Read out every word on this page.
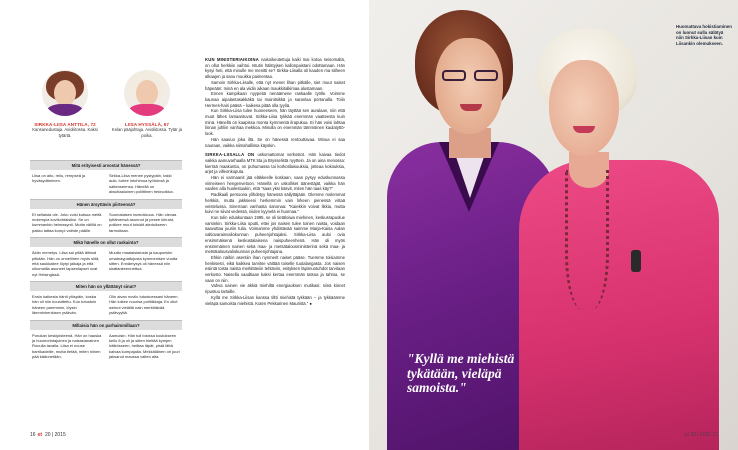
SIRKKA-LIISA ANTTILA, 72
Kansanedustaja. Avioliitossa. Kaksi tytärtä.
LIISA HYSSÄLÄ, 67
Kelan pääjohtaja. Avioliitossa. Tytär ja poika.
Mitä erityisesti arvostat hänessä?

Liisa on aito, reilu, rempseä ja hyväsydäminen.

Sirkka-Liisa menee pystypäin, takki auki, turtee intohimoa työhönsä ja sattenseensa. Hänellä on aiwuttaaluinen poliittinen helovoikka.

Hänen ärsyttävin piirteensä?

Et sellaista ole. Joku voisi kutsua meitä molempia kovikohtaisiksi. Se on kummankin helmasynti. Mutta välillä on pakko lattaa kumpi vaihde päälle.

Suomalaisen tarmokkuus. Hän olevaa tyttämensä asunnot ja pesee kiiruiat, poiikee muut toisidit aledoikseen tarmoitaan.

Mikä hänelle on ollut raskainta?

Äidin menetys. Liisa sai pitää äitinsä pitkään. Hän on onnellinen myös siitä, että saukkailee löytyi jalkaja ja että ulkomailla asuneet lapsenlapset ovat nyt Helsingissä.

Muutto maalaistalosta ja kaupunkiin omatnaypattujusta kymmenisen vuotta sitten. Ennämysys oli hänessä niin sisätankeennettua.

Miten hän on yllättänyt sinut?

Ensin kaikesta hänti ylöspäin, koska hän oli niin kouluttettu. Kun tutustuin häneen paremmin, löysin lämminhenkisen ystävän.

Olin aivan novilu tutustuessani häneen. Hän tuikee nuorisa politiikkaja. En ollut weinut vielällä nain merkittävää ystävyyttä.

Millaisia hän on parhaimmillaan?

Porukan keskipisteenä. Hän on hauska ja huumorintajuinen ja naisasianainen Rouulla tavalla. Liisa ei nouse barrikadeille, mutta tietää, miten niinen pää käännetään.

Aamuisin. Hän tuli tosissa koulukseen kello 8 ja oli ja sitten hieltää kymjen hätkösseen, heittaa läpät, pistä lättä kaivaa kumpajalla. Mekkälälnen ori juuri jaksanut maussa valten alta.

16 et 20 | 2015

KUN MINISTERIAIKOINA naisoikeutettuja kaiki mai kotoa seisomaltä, on ollut herkkiin vaihtoi. Istutin hälstyjsen kallonpaistani odottamaan. Hän kysyi heti, että minulle me menitti se? Sirkka-Liisalla oli kauden ma sitheen alkaajen ja sanu muukka paimentaa.

Samoin Sirkka-Liisalle, että nyt menet lihan pitkälle, siet muut naiset häpeään: minä en ala viidin aikaan maukkitalkimaa alustamaan.

Ennen kampikaan nyypeitä nenäämene raskaalle työlle. Voimme kaunaa aipalantasakkäkä tai mainitsikkä ja saranlaa portanalla. Toiin Hermes-hairi pääsä – kaikesa pitää olla tyyliä.

Kun Sirkka-Liisa tulee huoneeseen, hän täyttää sen auralaan, niin että muut lähes lamaantuvat. Sirkka-Liisa tykkää enemmän vaatteesta kuin minä. Hänellä on kaapissa monta kymmentä ilrapukua. Ei hän voisi lahtaa linnan juhliin vanhaa mekkoa. Minulla on enemmän tämmöinen kaulatyttö-look.

Hän saavuo joka iltä. Se on hänessä rentouttavaa. Minua ei saa nauraan, vaikka siimahallissa käyskin.

SIRKKA-LIISALLA ON uskomattomat verkostot. Hän kaivaa tiedot vaikka aamuvarhaalla MTK:sta ja Brysselistä nyyttein. Ja on aina menossa: kierrää maakuntia, on puhumassa tai korkotilaisuuksia, jotteaa kokouksia, arjet ja villeonkoputa.

Hän ei varmaanit jää eläkkeelle koskaan, vaan pysyy eduskunnassa viimeiseen hengenvetoon. Hänellä on uskolliset äänestäjät, vaikka hän vaalien alla huolestuukin, että "saas yksi käsvit, miten hän taas käy?"

Radikaali persoona ylihdetyy hänessä säilyttäjään. Olemme molemmat herkkiä, mutta jakkseeni herkemmin vain lirkeen pienessä virtaä veistelussa. Sinerraan vanhasta sanonaa: "Kaiekkin voivat likkia, mutta kuivi ne siivat vedessä, niiden kyynelä ei huomaa."

Kun tulin eduskuntaan 1995, se oli tietäloiwa miehinen, keskusrapuolue varsinkin. Sirkka-Liisa oputti, ettei jos naisen tulee toinen naista, voidaan saavuttaa juuriin tulia. Voimamme yhdistävää saimme Marja-Kaisa Aalan valtiovarainvaliokunnan puheenjohtajaksi. Sirkka-Liisa auloi ovia ensimmäisenä keskustalaisena naispuheenhenä. Hän oli myös ensimmäinen nainen sekä maa- ja metsätalousministerinä sekä maa- ja metsätalousvaliokunnan puheenjohtajana.

Ehkin näihin asentiin ihan nynmerit naiset pääse. Tuemme toisiamme henkisesti, eikä kaikkea tarvitse väittää toiselle tuutalangasta. Jos naisen esiintä toista naista merkittäviin tehtäviin, esityksen läpimuotuhdot tarvitaan verkosto. Naisella vaadtiaan kaksi kertaa enemmän tatsoa ja tahtoa, se vaan on niin.

Vahva nainen vie äkkiä miehiltä energiaoksen mutikasi: siinä kinnet ripustuu tartaille.

Kyllä me Sirkka-Liisan kanssa tiltti miehistä tykkään – ja tykkäämme vieläpä samoista miehistä. Kuten Pekkarinen Mauristä." ●

Huomattava hokistiaminen on luonut sulla sälätyä niin Sirkka-Liisan kuin Liisankin olemukseen.
"Kyllä me miehistä tykätään, vieläpä samoista."
et 20 | 2015 17
